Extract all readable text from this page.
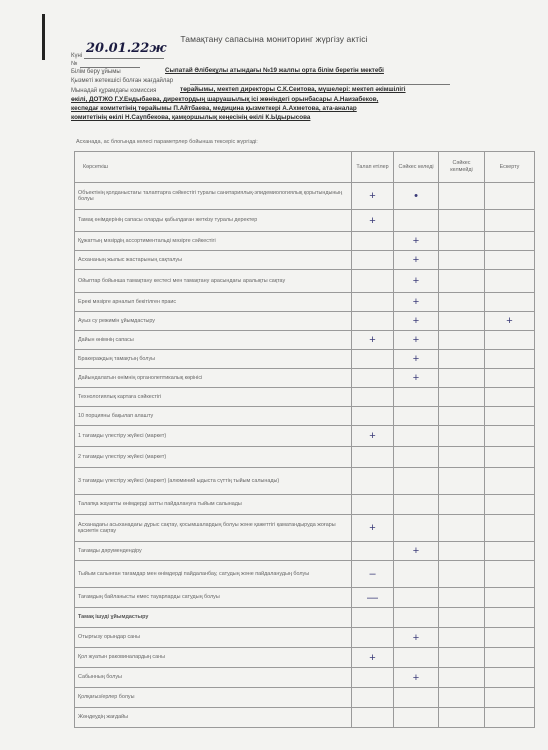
Тамақтану сапасына мониторинг жүргізу актісі
Күні 20.01.22ж
№
Білім беру ұйымы	Сыпатай Әлібекұлы атындағы №19 жалпы орта білім беретін мектебі
Қызметі жетекшісі болған жағдайлар
Мынадай құрамдағы комиссия	төрайымы, мектеп директоры С.К.Сеитова, мүшелері: мектеп әкімшілігі
өкілі, ДОТЖО Г.У.Ендыбаева, директордың шаруашылық ісі жөніндегі орынбасары А.Наизабеков,
кеспедағ комитетінің төрайымы П.Айтбаева, медицина қызметкері А.Ахметова, ата-аналар
комитетінің өкілі Н.Саупбекова, қамқоршылық кеңесінің өкілі К.Ыдырысова
Асханада, ас блогында келесі параметрлер бойынша тексеріс жүргізді:
Көрсеткіш	Талап етілер	Сәйкес келеді	Сәйкес келмейді	Ескерту
Объектінің қолданыстағы талаптарға сәйкестігі туралы санитариялық-эпидемиологиялық қорытындының болуы	+	•		
Тамақ өнімдерінің сапасы оларды қабылдаған жеткізу туралы деректер	+			
Құжаттың мәзірдің ассортиментальді мәзірге сәйкестігі		+		
Асхананың жылыс жастарының сақталуы		+		
Ойыптар бойынша тамақтану кестесі мен тамақтану арасындағы аралықты сақтау		+		
Ерекі мәзірге арналып бекітілген праис		+		
Ауыз су режимін ұйымдастыру		+		+
Дайын өнімнің сапасы	+	+		
Бракераждың тамақтың болуы		+		
Дайындалатын өнімнің органолептикалық көрінісі		+		
Технологиялық картаға сәйкестігі				
10 порцияны бақылап алашту				
1 тағамды үлестіру жүйесі (маркет)	+			
2 тағамды үлестіру жүйесі (маркет)				
3 тағамды үлестіру жүйесі (маркет) (алюминий ыдыста сүттің тыйым салынады)				
Талапқа жауапты өнімдерді затты пайдалануға тыйым салынады				
Асханадағы асыханадағы дұрыс сақтау, қосымшалардың болуы және қажеттігі қаматандыруда жоғары қасиетін сақтау	+			
Тағамды дәрумендендіру		+		
Тыйым салынған тағамдар мен өнімдерді пайдаланбау, сатудың және пайдаланудың болуы	–			
Тағамдың байланысты емес тауарларды сатудың болуы	—			
Тамақ ішуді ұйымдастыру				
Отырғызу орындар саны		+		
Қол жуатын раковиналардың саны	+			
Сабынның болуы		+		
Қолқағыз/ерлер болуы				
Жөндеудің жағдайы				
